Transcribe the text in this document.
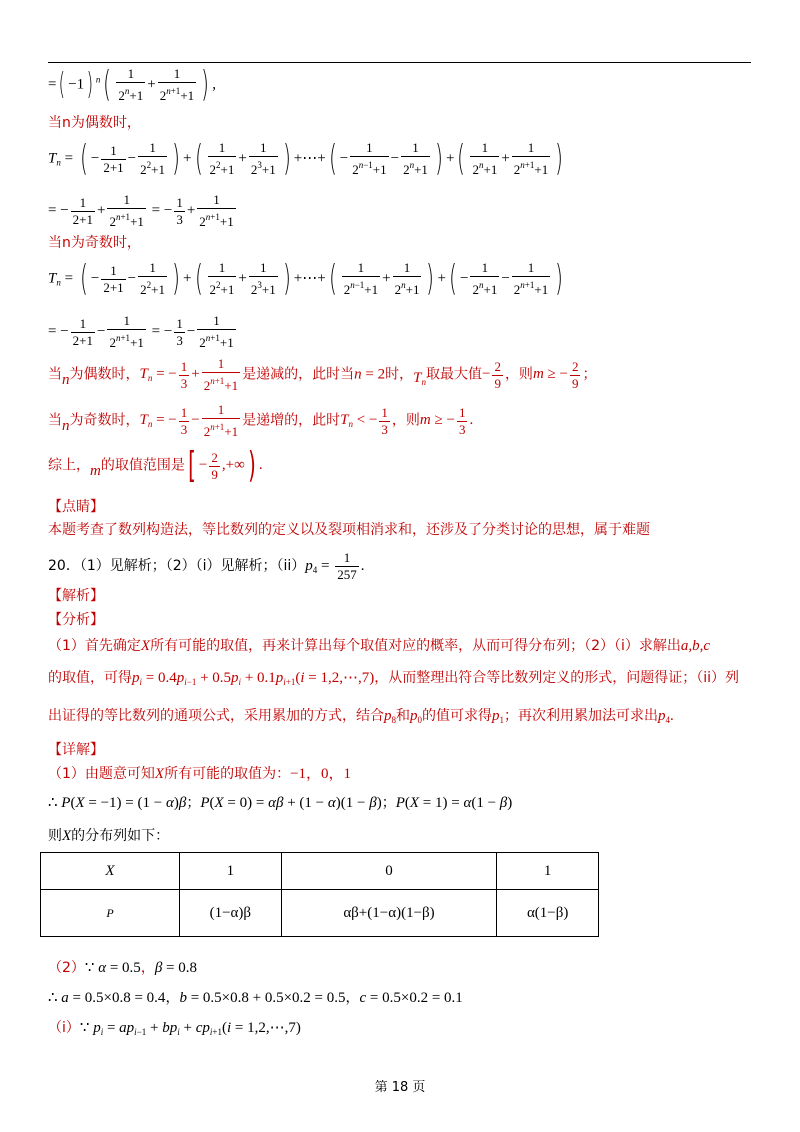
=( −1) $^n( \frac{1}{2^n+1} + \frac{1}{2^{n+1}+1}$ ) ,
当n为偶数时，
$T_n$ = ( − $\frac{1}{2+1} - \frac{1}{2^2+1}$ ) +( $\frac{1}{2^2+1} + \frac{1}{2^3+1}$ ) +⋯+( − $\frac{1}{2^{n-1}+1} - \frac{1}{2^n+1}$ ) +( $\frac{1}{2^n+1} + \frac{1}{2^{n+1}+1}$ )
= − $\frac{1}{2+1} + \frac{1}{2^{n+1}+1}$ = − $\frac{1}{3} + \frac{1}{2^{n+1}+1}$
当n为奇数时，
$T_n$ = ( − $\frac{1}{2+1} - \frac{1}{2^2+1}$ ) +( $\frac{1}{2^2+1} + \frac{1}{2^3+1}$ ) +⋯+( $\frac{1}{2^{n-1}+1} + \frac{1}{2^n+1}$ ) +( − $\frac{1}{2^n+1} - \frac{1}{2^{n+1}+1}$ )
= − $\frac{1}{2+1} - \frac{1}{2^{n+1}+1}$ = − $\frac{1}{3} - \frac{1}{2^{n+1}+1}$
当n为偶数时，$T_n$ = − $\frac{1}{3} + \frac{1}{2^{n+1}+1}$ 是递减的，此时当n = 2时，$T_n$取最大值− $\frac{2}{9}$ ，则m ≥ − $\frac{2}{9}$ ；
当n为奇数时，$T_n$ = − $\frac{1}{3} - \frac{1}{2^{n+1}+1}$ 是递增的，此时$T_n$ < − $\frac{1}{3}$ ，则m ≥ − $\frac{1}{3}$ .
综上，m的取值范围是[ − $\frac{2}{9}$ ,+∞) .
【点睛】
本题考查了数列构造法，等比数列的定义以及裂项相消求和，还涉及了分类讨论的思想，属于难题
20．（1）见解析；（2）（i）见解析；$(ii)p_4 = \frac{1}{257}$ .
【解析】
【分析】
（1）首先确定X所有可能的取值，再来计算出每个取值对应的概率，从而可得分布列；（2）（i）求解出a,b,c
的取值，可得$p_i = 0.4p_{i-1} + 0.5p_i + 0.1p_{i+1}(i$ = 1,2,⋯,7)，从而整理出符合等比数列定义的形式，问题得证；（ii）列
出证得的等比数列的通项公式，采用累加的方式，结合$p_8$和$p_0$的值可求得$p_1$；再次利用累加法可求出$p_4$.
【详解】
（1）由题意可知X所有可能的取值为：−1，0，1
∴ P(X = −1) = (1 − α)β；P(X = 0) = αβ + (1 − α)(1 − β)；P(X = 1) = α(1 − β)
则X的分布列如下：
X	1	0	1
P	(1−α)β	αβ+(1−α)(1−β)	α(1−β)
（2）∵ α = 0.5，β = 0.8
∴ a = 0.5×0.8 = 0.4，b = 0.5×0.8 + 0.5×0.2 = 0.5，c = 0.5×0.2 = 0.1
（i）∵ $p_i = ap_{i-1} + bp_i + cp_{i+1}(i$ = 1,2,⋯,7)
第 18 页
